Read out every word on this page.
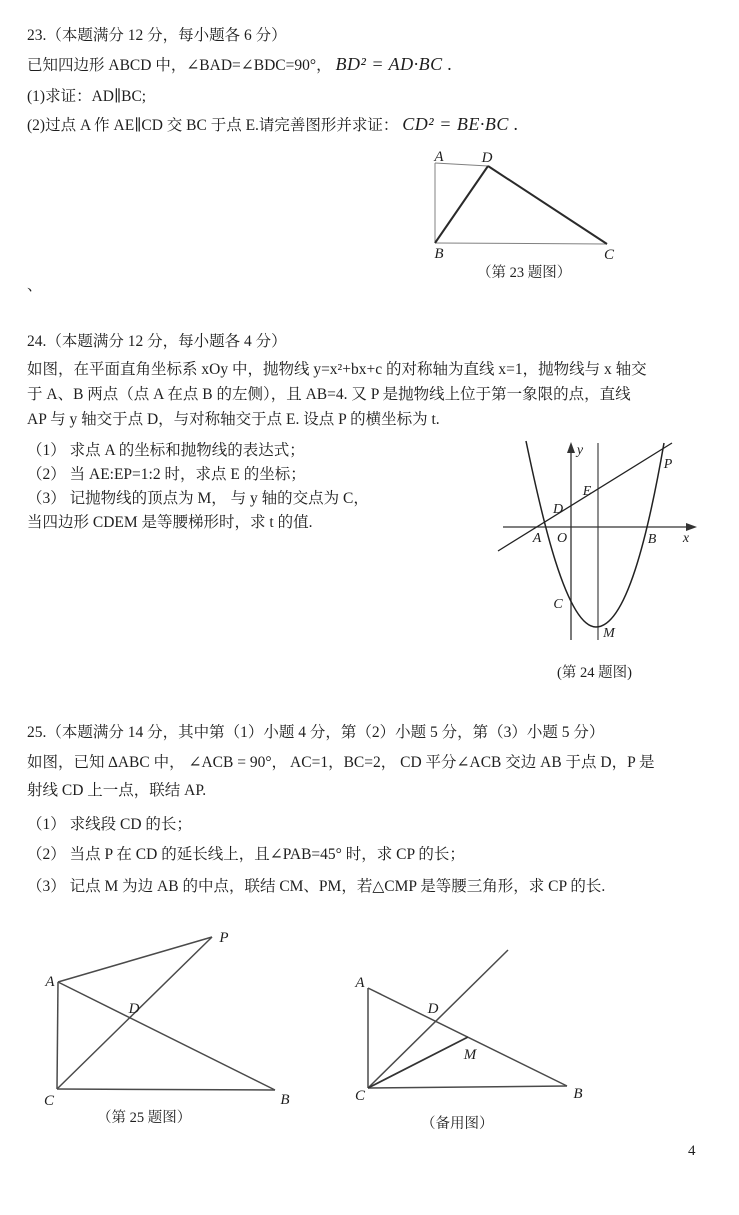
23.（本题满分 12 分，每小题各 6 分）
已知四边形 ABCD 中，∠BAD=∠BDC=90°， BD² = AD·BC .
(1)求证：AD∥BC;
(2)过点 A 作 AE∥CD 交 BC 于点 E.请完善图形并求证： CD² = BE·BC .
A	D
B	C
（第 23 题图）
、
24.（本题满分 12 分，每小题各 4 分）
如图，在平面直角坐标系 xOy 中，抛物线 y=x²+bx+c 的对称轴为直线 x=1，抛物线与 x 轴交
于 A、B 两点（点 A 在点 B 的左侧），且 AB=4. 又 P 是抛物线上位于第一象限的点，直线
AP 与 y 轴交于点 D，与对称轴交于点 E. 设点 P 的横坐标为 t.
（1） 求点 A 的坐标和抛物线的表达式；
（2） 当 AE:EP=1:2 时，求点 E 的坐标；
（3） 记抛物线的顶点为 M， 与 y 轴的交点为 C，
当四边形 CDEM 是等腰梯形时，求 t 的值.
y
x
O
A	B
D
E
P
C
M
(第 24 题图)
25.（本题满分 14 分，其中第（1）小题 4 分，第（2）小题 5 分，第（3）小题 5 分）
如图，已知 ∆ABC 中， ∠ACB = 90°， AC=1，BC=2， CD 平分∠ACB 交边 AB 于点 D，P 是
射线 CD 上一点，联结 AP.
（1） 求线段 CD 的长；
（2） 当点 P 在 CD 的延长线上，且∠PAB=45° 时，求 CP 的长；
（3） 记点 M 为边 AB 的中点，联结 CM、PM，若△CMP 是等腰三角形，求 CP 的长.
A
P
D
C	B
（第 25 题图）
A
D
M
C	B
（备用图）
4
